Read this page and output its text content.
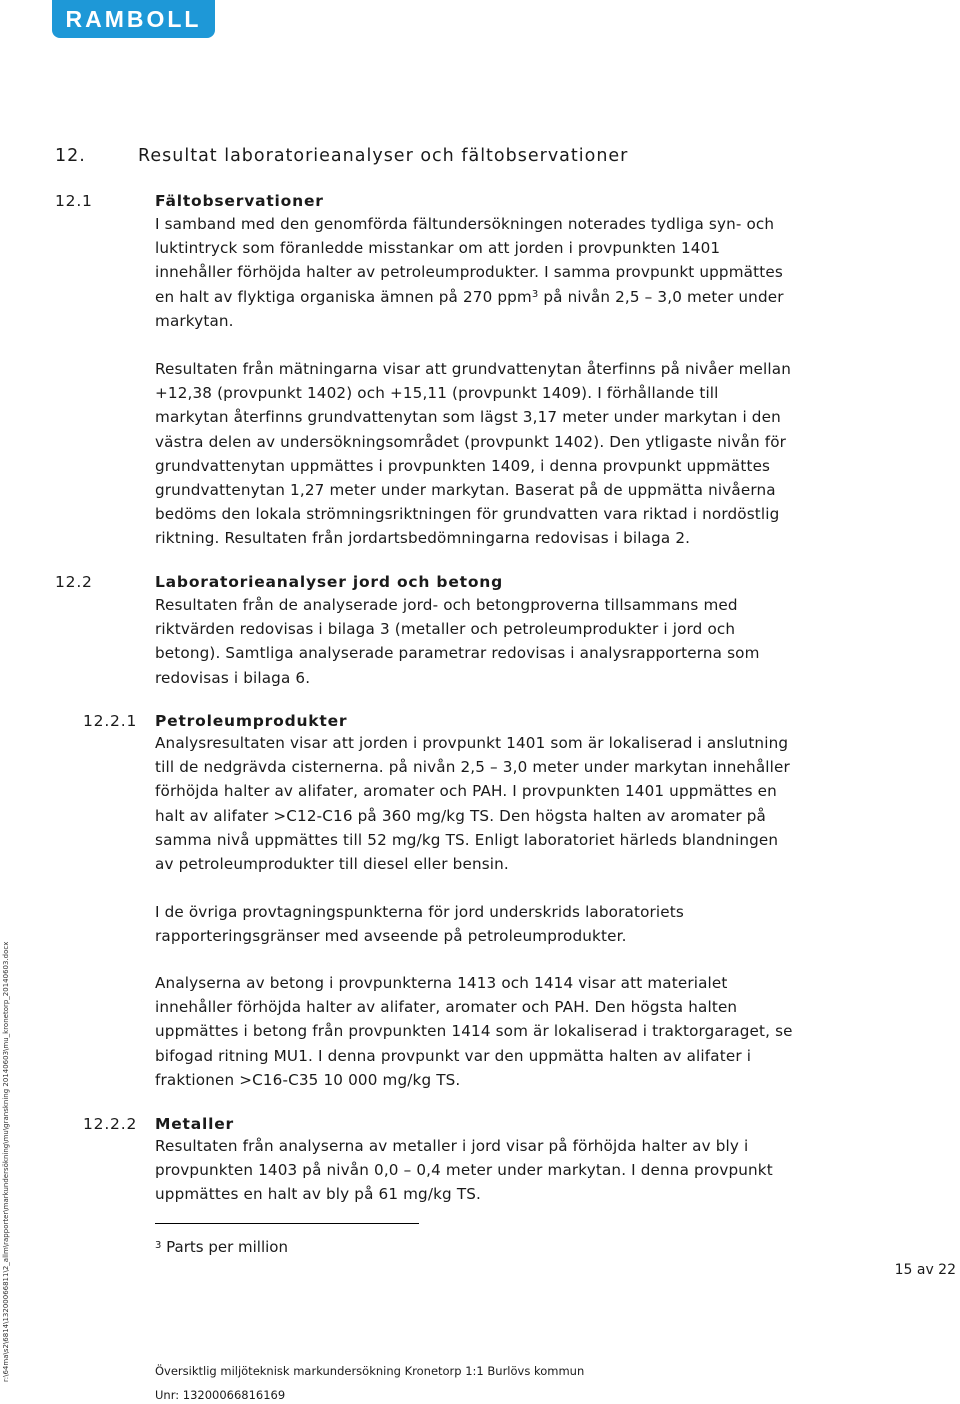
RAMBOLL
12.	Resultat laboratorieanalyser och fältobservationer
12.1	Fältobservationer
I samband med den genomförda fältundersökningen noterades tydliga syn- och
luktintryck som föranledde misstankar om att jorden i provpunkten 1401
innehåller förhöjda halter av petroleumprodukter. I samma provpunkt uppmättes
en halt av flyktiga organiska ämnen på 270 ppm$^3$ på nivån 2,5 – 3,0 meter under
markytan.
Resultaten från mätningarna visar att grundvattenytan återfinns på nivåer mellan
+12,38 (provpunkt 1402) och +15,11 (provpunkt 1409). I förhållande till
markytan återfinns grundvattenytan som lägst 3,17 meter under markytan i den
västra delen av undersökningsområdet (provpunkt 1402). Den ytligaste nivån för
grundvattenytan uppmättes i provpunkten 1409, i denna provpunkt uppmättes
grundvattenytan 1,27 meter under markytan. Baserat på de uppmätta nivåerna
bedöms den lokala strömningsriktningen för grundvatten vara riktad i nordöstlig
riktning. Resultaten från jordartsbedömningarna redovisas i bilaga 2.
12.2	Laboratorieanalyser jord och betong
Resultaten från de analyserade jord- och betongproverna tillsammans med
riktvärden redovisas i bilaga 3 (metaller och petroleumprodukter i jord och
betong). Samtliga analyserade parametrar redovisas i analysrapporterna som
redovisas i bilaga 6.
12.2.1 Petroleumprodukter
Analysresultaten visar att jorden i provpunkt 1401 som är lokaliserad i anslutning
till de nedgrävda cisternerna. på nivån 2,5 – 3,0 meter under markytan innehåller
förhöjda halter av alifater, aromater och PAH. I provpunkten 1401 uppmättes en
halt av alifater >C12-C16 på 360 mg/kg TS. Den högsta halten av aromater på
samma nivå uppmättes till 52 mg/kg TS. Enligt laboratoriet härleds blandningen
av petroleumprodukter till diesel eller bensin.
I de övriga provtagningspunkterna för jord underskrids laboratoriets
rapporteringsgränser med avseende på petroleumprodukter.
Analyserna av betong i provpunkterna 1413 och 1414 visar att materialet
innehåller förhöjda halter av alifater, aromater och PAH. Den högsta halten
uppmättes i betong från provpunkten 1414 som är lokaliserad i traktorgaraget, se
bifogad ritning MU1. I denna provpunkt var den uppmätta halten av alifater i
fraktionen >C16-C35 10 000 mg/kg TS.
12.2.2 Metaller
Resultaten från analyserna av metaller i jord visar på förhöjda halter av bly i
provpunkten 1403 på nivån 0,0 – 0,4 meter under markytan. I denna provpunkt
uppmättes en halt av bly på 61 mg/kg TS.
$^3$ Parts per million
15 av 22
Översiktlig miljöteknisk markundersökning Kronetorp 1:1 Burlövs kommun
Unr: 13200066816169
r:\64ma\s2\6814\13200066811\2_allm\rapporter\markundersökning\mu\granskning 20140603\mu_kronetorp_20140603.docx
